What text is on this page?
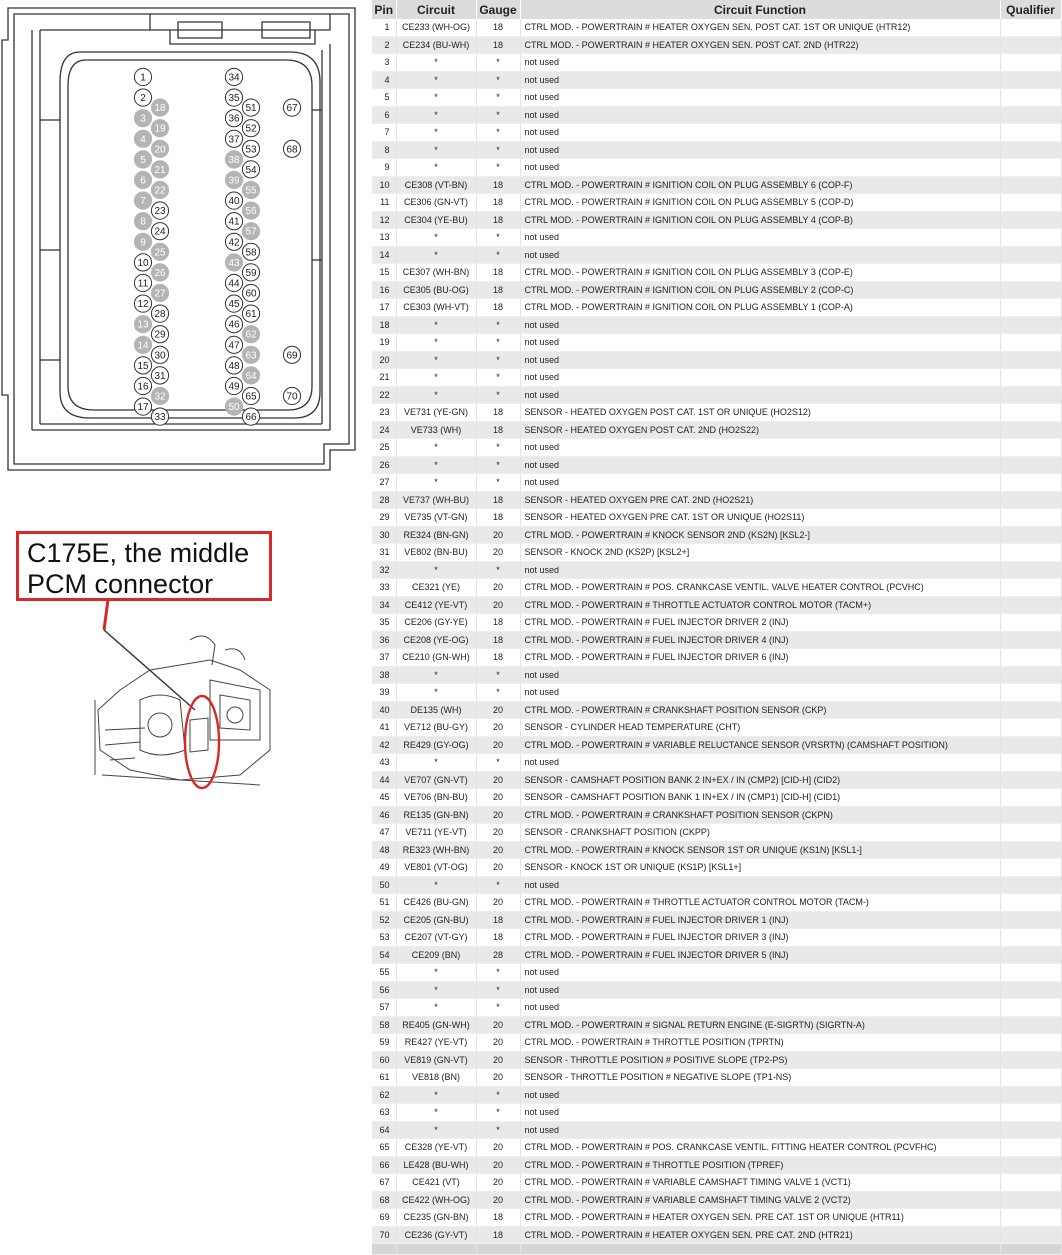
1	34
2
18
35
51	67
3
19
36
52
4
20
37
53	68
5
21
38
54
6
22
39
55
7
23
40
56
8
24
41
57
9
25
42
58
10
26
43
59
11
27
44
60
12
28
45
61
13
29
46
62
14
30
47
63	69
15
31
48
64
16
32
49
65	70
17
33
50
66
C175E, the middle
PCM connector
Pin	Circuit	Gauge	Circuit Function	Qualifier
1	CE233 (WH-OG)	18	CTRL MOD. - POWERTRAIN # HEATER OXYGEN SEN. POST CAT. 1ST OR UNIQUE (HTR12)	
2	CE234 (BU-WH)	18	CTRL MOD. - POWERTRAIN # HEATER OXYGEN SEN. POST CAT. 2ND (HTR22)	
3	*	*	not used	
4	*	*	not used	
5	*	*	not used	
6	*	*	not used	
7	*	*	not used	
8	*	*	not used	
9	*	*	not used	
10	CE308 (VT-BN)	18	CTRL MOD. - POWERTRAIN # IGNITION COIL ON PLUG ASSEMBLY 6 (COP-F)	
11	CE306 (GN-VT)	18	CTRL MOD. - POWERTRAIN # IGNITION COIL ON PLUG ASSEMBLY 5 (COP-D)	
12	CE304 (YE-BU)	18	CTRL MOD. - POWERTRAIN # IGNITION COIL ON PLUG ASSEMBLY 4 (COP-B)	
13	*	*	not used	
14	*	*	not used	
15	CE307 (WH-BN)	18	CTRL MOD. - POWERTRAIN # IGNITION COIL ON PLUG ASSEMBLY 3 (COP-E)	
16	CE305 (BU-OG)	18	CTRL MOD. - POWERTRAIN # IGNITION COIL ON PLUG ASSEMBLY 2 (COP-C)	
17	CE303 (WH-VT)	18	CTRL MOD. - POWERTRAIN # IGNITION COIL ON PLUG ASSEMBLY 1 (COP-A)	
18	*	*	not used	
19	*	*	not used	
20	*	*	not used	
21	*	*	not used	
22	*	*	not used	
23	VE731 (YE-GN)	18	SENSOR - HEATED OXYGEN POST CAT. 1ST OR UNIQUE (HO2S12)	
24	VE733 (WH)	18	SENSOR - HEATED OXYGEN POST CAT. 2ND (HO2S22)	
25	*	*	not used	
26	*	*	not used	
27	*	*	not used	
28	VE737 (WH-BU)	18	SENSOR - HEATED OXYGEN PRE CAT. 2ND (HO2S21)	
29	VE735 (VT-GN)	18	SENSOR - HEATED OXYGEN PRE CAT. 1ST OR UNIQUE (HO2S11)	
30	RE324 (BN-GN)	20	CTRL MOD. - POWERTRAIN # KNOCK SENSOR 2ND (KS2N) [KSL2-]	
31	VE802 (BN-BU)	20	SENSOR - KNOCK 2ND (KS2P) [KSL2+]	
32	*	*	not used	
33	CE321 (YE)	20	CTRL MOD. - POWERTRAIN # POS. CRANKCASE VENTIL. VALVE HEATER CONTROL (PCVHC)	
34	CE412 (YE-VT)	20	CTRL MOD. - POWERTRAIN # THROTTLE ACTUATOR CONTROL MOTOR (TACM+)	
35	CE206 (GY-YE)	18	CTRL MOD. - POWERTRAIN # FUEL INJECTOR DRIVER 2 (INJ)	
36	CE208 (YE-OG)	18	CTRL MOD. - POWERTRAIN # FUEL INJECTOR DRIVER 4 (INJ)	
37	CE210 (GN-WH)	18	CTRL MOD. - POWERTRAIN # FUEL INJECTOR DRIVER 6 (INJ)	
38	*	*	not used	
39	*	*	not used	
40	DE135 (WH)	20	CTRL MOD. - POWERTRAIN # CRANKSHAFT POSITION SENSOR (CKP)	
41	VE712 (BU-GY)	20	SENSOR - CYLINDER HEAD TEMPERATURE (CHT)	
42	RE429 (GY-OG)	20	CTRL MOD. - POWERTRAIN # VARIABLE RELUCTANCE SENSOR (VRSRTN) (CAMSHAFT POSITION)	
43	*	*	not used	
44	VE707 (GN-VT)	20	SENSOR - CAMSHAFT POSITION BANK 2 IN+EX / IN (CMP2) [CID-H] (CID2)	
45	VE706 (BN-BU)	20	SENSOR - CAMSHAFT POSITION BANK 1 IN+EX / IN (CMP1) [CID-H] (CID1)	
46	RE135 (GN-BN)	20	CTRL MOD. - POWERTRAIN # CRANKSHAFT POSITION SENSOR (CKPN)	
47	VE711 (YE-VT)	20	SENSOR - CRANKSHAFT POSITION (CKPP)	
48	RE323 (WH-BN)	20	CTRL MOD. - POWERTRAIN # KNOCK SENSOR 1ST OR UNIQUE (KS1N) [KSL1-]	
49	VE801 (VT-OG)	20	SENSOR - KNOCK 1ST OR UNIQUE (KS1P) [KSL1+]	
50	*	*	not used	
51	CE426 (BU-GN)	20	CTRL MOD. - POWERTRAIN # THROTTLE ACTUATOR CONTROL MOTOR (TACM-)	
52	CE205 (GN-BU)	18	CTRL MOD. - POWERTRAIN # FUEL INJECTOR DRIVER 1 (INJ)	
53	CE207 (VT-GY)	18	CTRL MOD. - POWERTRAIN # FUEL INJECTOR DRIVER 3 (INJ)	
54	CE209 (BN)	28	CTRL MOD. - POWERTRAIN # FUEL INJECTOR DRIVER 5 (INJ)	
55	*	*	not used	
56	*	*	not used	
57	*	*	not used	
58	RE405 (GN-WH)	20	CTRL MOD. - POWERTRAIN # SIGNAL RETURN ENGINE (E-SIGRTN) (SIGRTN-A)	
59	RE427 (YE-VT)	20	CTRL MOD. - POWERTRAIN # THROTTLE POSITION (TPRTN)	
60	VE819 (GN-VT)	20	SENSOR - THROTTLE POSITION # POSITIVE SLOPE (TP2-PS)	
61	VE818 (BN)	20	SENSOR - THROTTLE POSITION # NEGATIVE SLOPE (TP1-NS)	
62	*	*	not used	
63	*	*	not used	
64	*	*	not used	
65	CE328 (YE-VT)	20	CTRL MOD. - POWERTRAIN # POS. CRANKCASE VENTIL. FITTING HEATER CONTROL (PCVFHC)	
66	LE428 (BU-WH)	20	CTRL MOD. - POWERTRAIN # THROTTLE POSITION (TPREF)	
67	CE421 (VT)	20	CTRL MOD. - POWERTRAIN # VARIABLE CAMSHAFT TIMING VALVE 1 (VCT1)	
68	CE422 (WH-OG)	20	CTRL MOD. - POWERTRAIN # VARIABLE CAMSHAFT TIMING VALVE 2 (VCT2)	
69	CE235 (GN-BN)	18	CTRL MOD. - POWERTRAIN # HEATER OXYGEN SEN. PRE CAT. 1ST OR UNIQUE (HTR11)	
70	CE236 (GY-VT)	18	CTRL MOD. - POWERTRAIN # HEATER OXYGEN SEN. PRE CAT. 2ND (HTR21)	
